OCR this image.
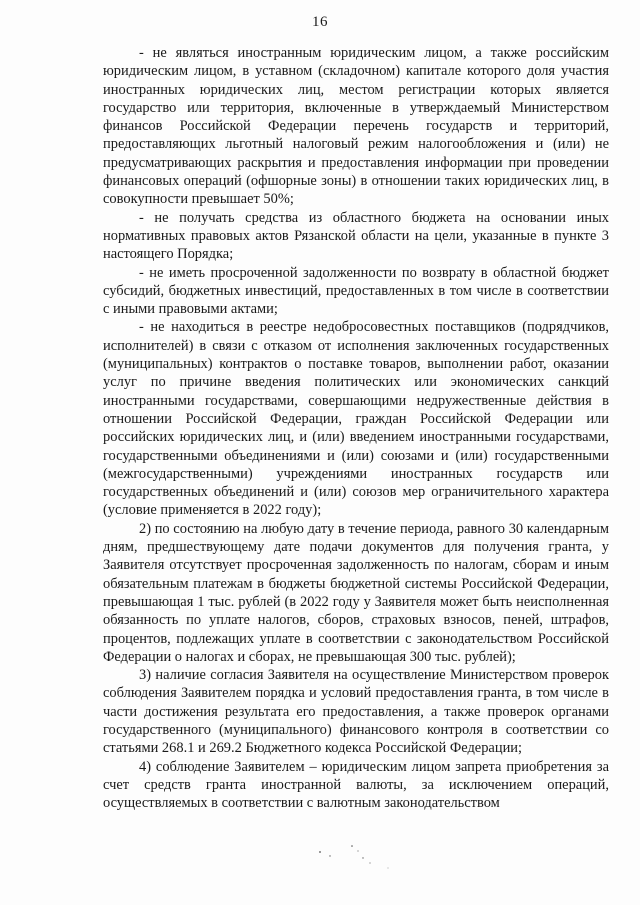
16

- не являться иностранным юридическим лицом, а также российским юридическим лицом, в уставном (складочном) капитале которого доля участия иностранных юридических лиц, местом регистрации которых является государство или территория, включенные в утверждаемый Министерством финансов Российской Федерации перечень государств и территорий, предоставляющих льготный налоговый режим налогообложения и (или) не предусматривающих раскрытия и предоставления информации при проведении финансовых операций (офшорные зоны) в отношении таких юридических лиц, в совокупности превышает 50%;

- не получать средства из областного бюджета на основании иных нормативных правовых актов Рязанской области на цели, указанные в пункте 3 настоящего Порядка;

- не иметь просроченной задолженности по возврату в областной бюджет субсидий, бюджетных инвестиций, предоставленных в том числе в соответствии с иными правовыми актами;

- не находиться в реестре недобросовестных поставщиков (подрядчиков, исполнителей) в связи с отказом от исполнения заключенных государственных (муниципальных) контрактов о поставке товаров, выполнении работ, оказании услуг по причине введения политических или экономических санкций иностранными государствами, совершающими недружественные действия в отношении Российской Федерации, граждан Российской Федерации или российских юридических лиц, и (или) введением иностранными государствами, государственными объединениями и (или) союзами и (или) государственными (межгосударственными) учреждениями иностранных государств или государственных объединений и (или) союзов мер ограничительного характера (условие применяется в 2022 году);

2) по состоянию на любую дату в течение периода, равного 30 календарным дням, предшествующему дате подачи документов для получения гранта, у Заявителя отсутствует просроченная задолженность по налогам, сборам и иным обязательным платежам в бюджеты бюджетной системы Российской Федерации, превышающая 1 тыс. рублей (в 2022 году у Заявителя может быть неисполненная обязанность по уплате налогов, сборов, страховых взносов, пеней, штрафов, процентов, подлежащих уплате в соответствии с законодательством Российской Федерации о налогах и сборах, не превышающая 300 тыс. рублей);

3) наличие согласия Заявителя на осуществление Министерством проверок соблюдения Заявителем порядка и условий предоставления гранта, в том числе в части достижения результата его предоставления, а также проверок органами государственного (муниципального) финансового контроля в соответствии со статьями 268.1 и 269.2 Бюджетного кодекса Российской Федерации;

4) соблюдение Заявителем – юридическим лицом запрета приобретения за счет средств гранта иностранной валюты, за исключением операций, осуществляемых в соответствии с валютным законодательством
